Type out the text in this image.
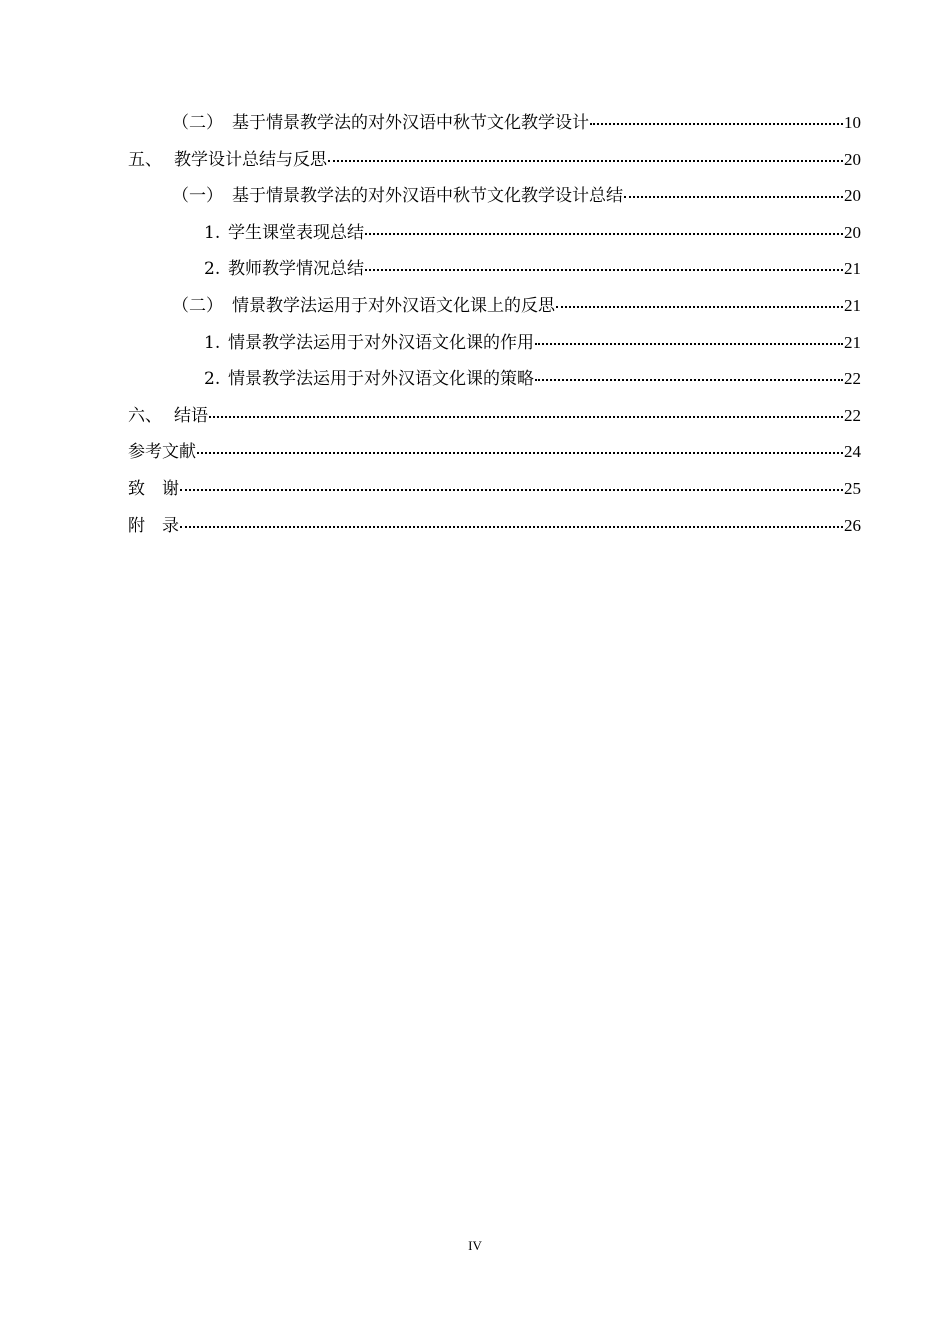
（二） 基于情景教学法的对外汉语中秋节文化教学设计	10
五、 教学设计总结与反思	20
（一） 基于情景教学法的对外汉语中秋节文化教学设计总结	20
1. 学生课堂表现总结	20
2. 教师教学情况总结	21
（二） 情景教学法运用于对外汉语文化课上的反思	21
1. 情景教学法运用于对外汉语文化课的作用	21
2. 情景教学法运用于对外汉语文化课的策略	22
六、 结语	22
参考文献	24
致　谢	25
附　录	26
IV
